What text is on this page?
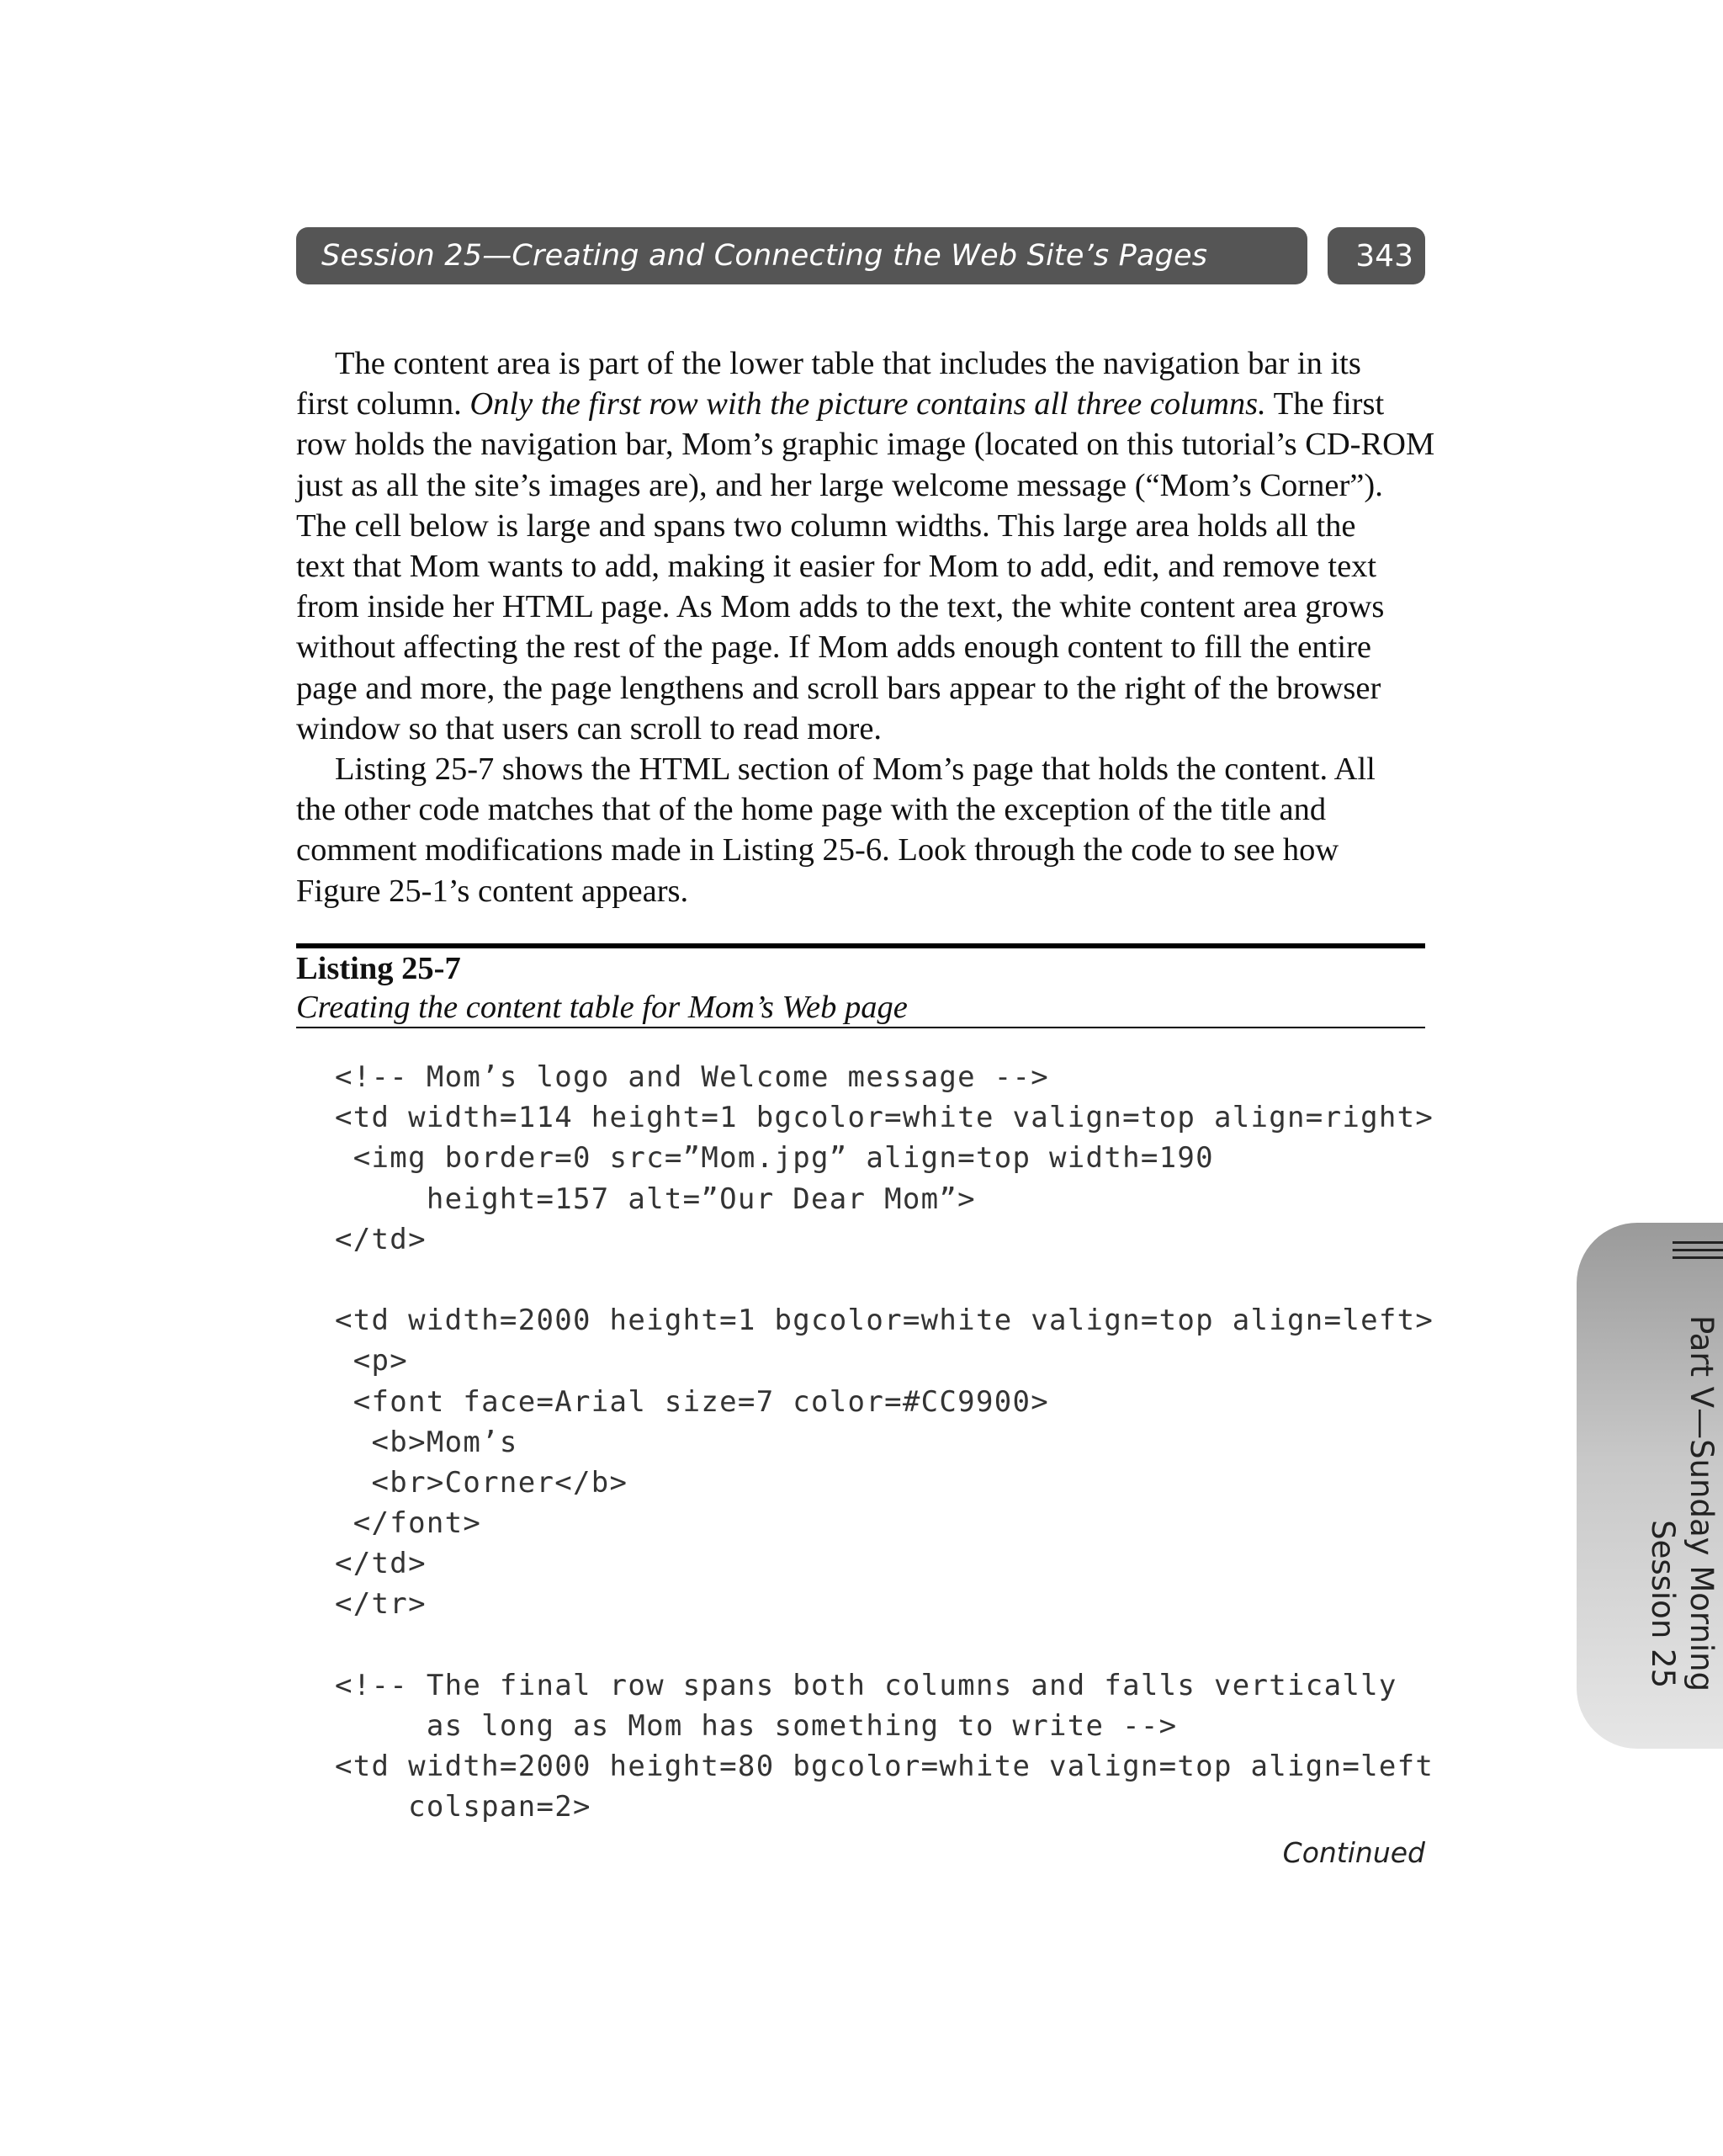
Session 25—Creating and Connecting the Web Site’s Pages	343

The content area is part of the lower table that includes the navigation bar in its
first column. Only the first row with the picture contains all three columns. The first
row holds the navigation bar, Mom’s graphic image (located on this tutorial’s CD-ROM
just as all the site’s images are), and her large welcome message (“Mom’s Corner”).
The cell below is large and spans two column widths. This large area holds all the
text that Mom wants to add, making it easier for Mom to add, edit, and remove text
from inside her HTML page. As Mom adds to the text, the white content area grows
without affecting the rest of the page. If Mom adds enough content to fill the entire
page and more, the page lengthens and scroll bars appear to the right of the browser
window so that users can scroll to read more.

Listing 25-7 shows the HTML section of Mom’s page that holds the content. All
the other code matches that of the home page with the exception of the title and
comment modifications made in Listing 25-6. Look through the code to see how
Figure 25-1’s content appears.

Listing 25-7
Creating the content table for Mom’s Web page
<!-- Mom’s logo and Welcome message -->
<td width=114 height=1 bgcolor=white valign=top align=right>
<img border=0 src=”Mom.jpg” align=top width=190
height=157 alt=”Our Dear Mom”>
</td>
<td width=2000 height=1 bgcolor=white valign=top align=left>
<p>
<font face=Arial size=7 color=#CC9900>
<b>Mom’s
<br>Corner</b>
</font>
</td>
</tr>
<!-- The final row spans both columns and falls vertically
as long as Mom has something to write -->
<td width=2000 height=80 bgcolor=white valign=top align=left
colspan=2>
Continued
Part V—Sunday Morning
Session 25
